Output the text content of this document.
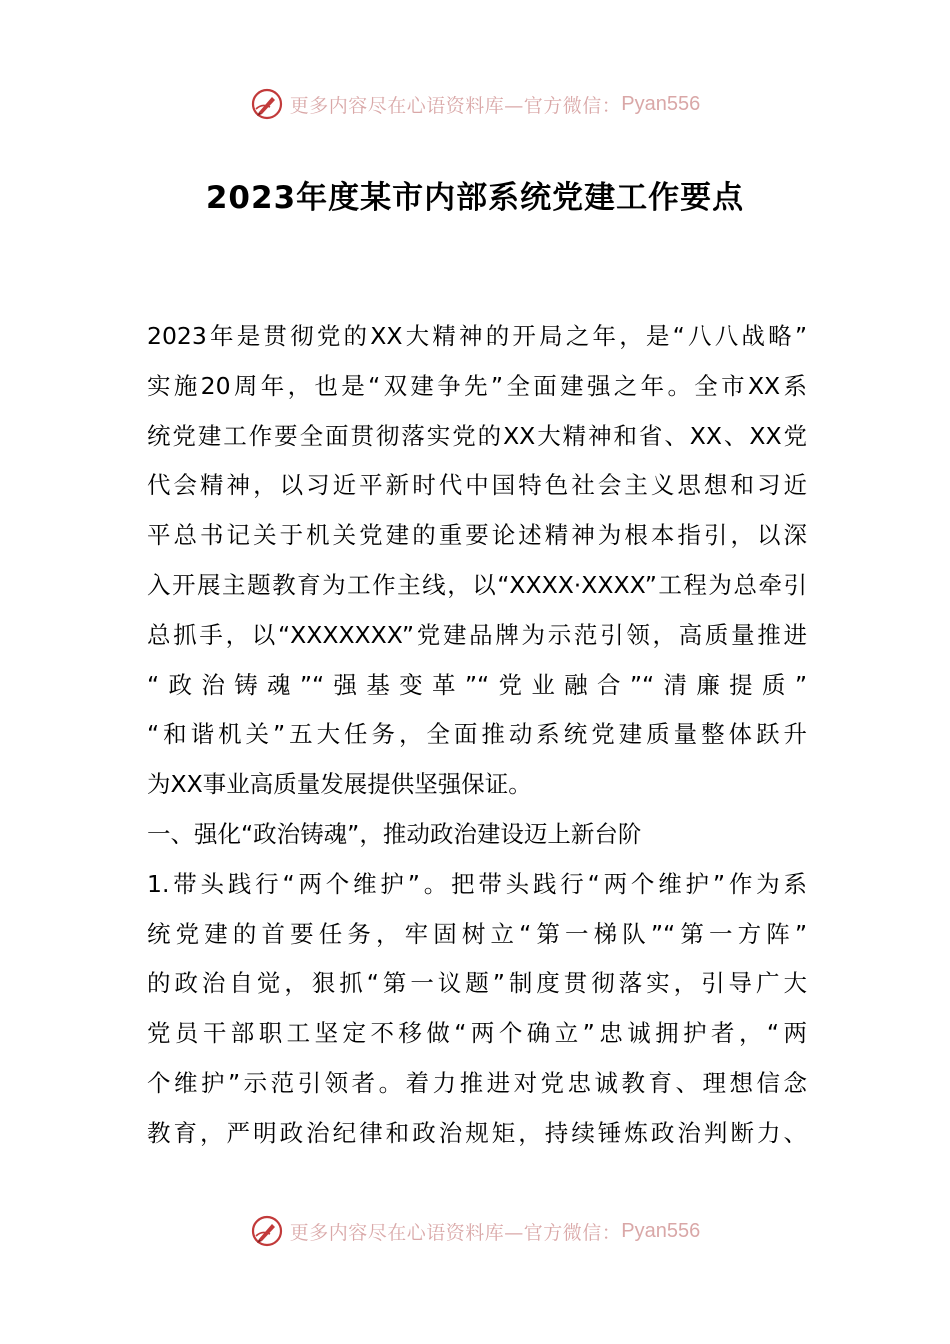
更多内容尽在心语资料库—官方微信： Pyan556
2023年度某市内部系统党建工作要点
2023年是贯彻党的XX大精神的开局之年，是“八八战略”
实施20周年，也是“双建争先”全面建强之年。全市XX系
统党建工作要全面贯彻落实党的XX大精神和省、XX、XX党
代会精神，以习近平新时代中国特色社会主义思想和习近
平总书记关于机关党建的重要论述精神为根本指引，以深
入开展主题教育为工作主线，以“XXXX·XXXX”工程为总牵引
总抓手，以“XXXXXXX”党建品牌为示范引领，高质量推进
“政治铸魂”“强基变革”“党业融合”“清廉提质”
“和谐机关”五大任务，全面推动系统党建质量整体跃升
为XX事业高质量发展提供坚强保证。
一、强化“政治铸魂”，推动政治建设迈上新台阶
1.带头践行“两个维护”。把带头践行“两个维护”作为系
统党建的首要任务，牢固树立“第一梯队”“第一方阵”
的政治自觉，狠抓“第一议题”制度贯彻落实，引导广大
党员干部职工坚定不移做“两个确立”忠诚拥护者，“两
个维护”示范引领者。着力推进对党忠诚教育、理想信念
教育，严明政治纪律和政治规矩，持续锤炼政治判断力、
更多内容尽在心语资料库—官方微信： Pyan556
